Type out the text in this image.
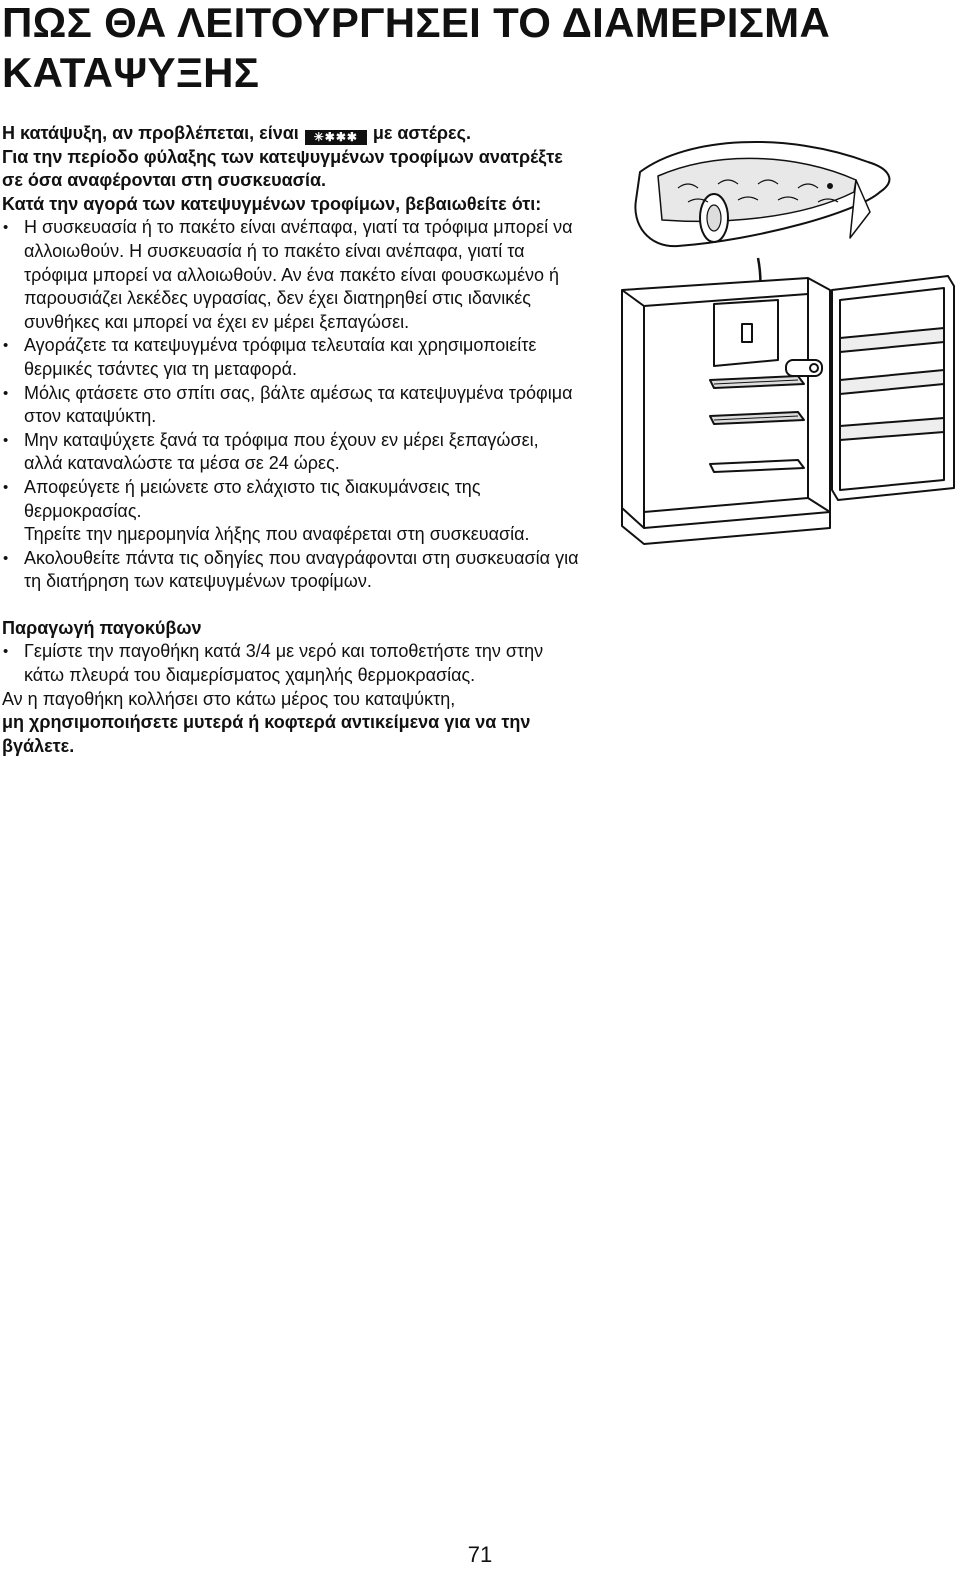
ΠΩΣ ΘΑ ΛΕΙΤΟΥΡΓΗΣΕΙ ΤΟ ΔΙΑΜΕΡΙΣΜΑ
ΚΑΤΑΨΥΞΗΣ

Η κατάψυξη, αν προβλέπεται, είναι ✳✱✱✱ με αστέρες.

Για την περίοδο φύλαξης των κατεψυγμένων τροφίμων ανατρέξτε σε όσα αναφέρονται στη συσκευασία.

Κατά την αγορά των κατεψυγμένων τροφίμων, βεβαιωθείτε ότι:

• Η συσκευασία ή το πακέτο είναι ανέπαφα, γιατί τα τρόφιμα μπορεί να αλλοιωθούν. Η συσκευασία ή το πακέτο είναι ανέπαφα, γιατί τα τρόφιμα μπορεί να αλλοιωθούν. Αν ένα πακέτο είναι φουσκωμένο ή παρουσιάζει λεκέδες υγρασίας, δεν έχει διατηρηθεί στις ιδανικές συνθήκες και μπορεί να έχει εν μέρει ξεπαγώσει.
• Αγοράζετε τα κατεψυγμένα τρόφιμα τελευταία και χρησιμοποιείτε θερμικές τσάντες για τη μεταφορά.
• Μόλις φτάσετε στο σπίτι σας, βάλτε αμέσως τα κατεψυγμένα τρόφιμα στον καταψύκτη.
• Μην καταψύχετε ξανά τα τρόφιμα που έχουν εν μέρει ξεπαγώσει, αλλά καταναλώστε τα μέσα σε 24 ώρες.
• Αποφεύγετε ή μειώνετε στο ελάχιστο τις διακυμάνσεις της θερμοκρασίας.
Τηρείτε την ημερομηνία λήξης που αναφέρεται στη συσκευασία.
• Ακολουθείτε πάντα τις οδηγίες που αναγράφονται στη συσκευασία για τη διατήρηση των κατεψυγμένων τροφίμων.

Παραγωγή παγοκύβων

• Γεμίστε την παγοθήκη κατά 3/4 με νερό και τοποθετήστε την στην κάτω πλευρά του διαμερίσματος χαμηλής θερμοκρασίας.

Αν η παγοθήκη κολλήσει στο κάτω μέρος του καταψύκτη,

μη χρησιμοποιήσετε μυτερά ή κοφτερά αντικείμενα για να την βγάλετε.

71
